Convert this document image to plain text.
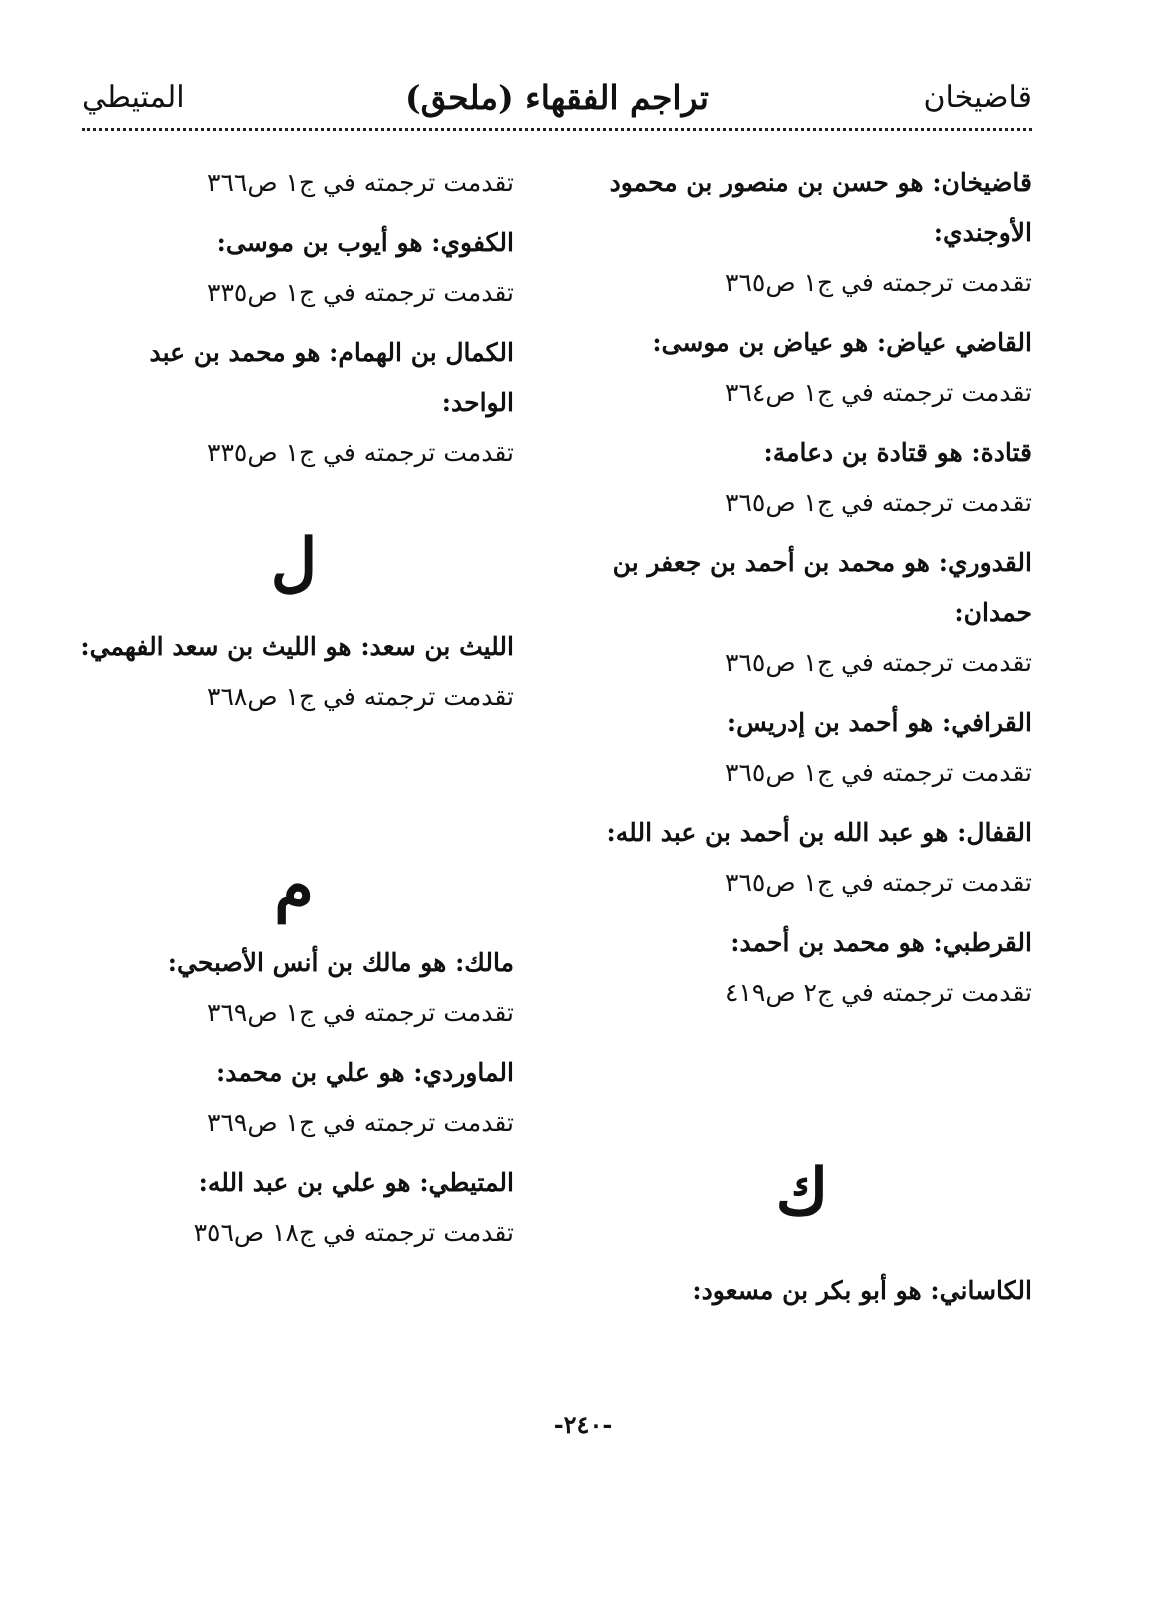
قاضيخان
(ملحق) تراجم الفقهاء
المتيطي
قاضيخان: هو حسن بن منصور بن محمود الأوجندي:
تقدمت ترجمته في ج١ ص٣٦٥
القاضي عياض: هو عياض بن موسى:
تقدمت ترجمته في ج١ ص٣٦٤
قتادة: هو قتادة بن دعامة:
تقدمت ترجمته في ج١ ص٣٦٥
القدوري: هو محمد بن أحمد بن جعفر بن حمدان:
تقدمت ترجمته في ج١ ص٣٦٥
القرافي: هو أحمد بن إدريس:
تقدمت ترجمته في ج١ ص٣٦٥
القفال: هو عبد الله بن أحمد بن عبد الله:
تقدمت ترجمته في ج١ ص٣٦٥
القرطبي: هو محمد بن أحمد:
تقدمت ترجمته في ج٢ ص٤١٩
ك
الكاساني: هو أبو بكر بن مسعود:
تقدمت ترجمته في ج١ ص٣٦٦
الكفوي: هو أيوب بن موسى:
تقدمت ترجمته في ج١ ص٣٣٥
الكمال بن الهمام: هو محمد بن عبد الواحد:
تقدمت ترجمته في ج١ ص٣٣٥
ل
الليث بن سعد: هو الليث بن سعد الفهمي:
تقدمت ترجمته في ج١ ص٣٦٨
م
مالك: هو مالك بن أنس الأصبحي:
تقدمت ترجمته في ج١ ص٣٦٩
الماوردي: هو علي بن محمد:
تقدمت ترجمته في ج١ ص٣٦٩
المتيطي: هو علي بن عبد الله:
تقدمت ترجمته في ج١٨ ص٣٥٦
-٢٤٠-
